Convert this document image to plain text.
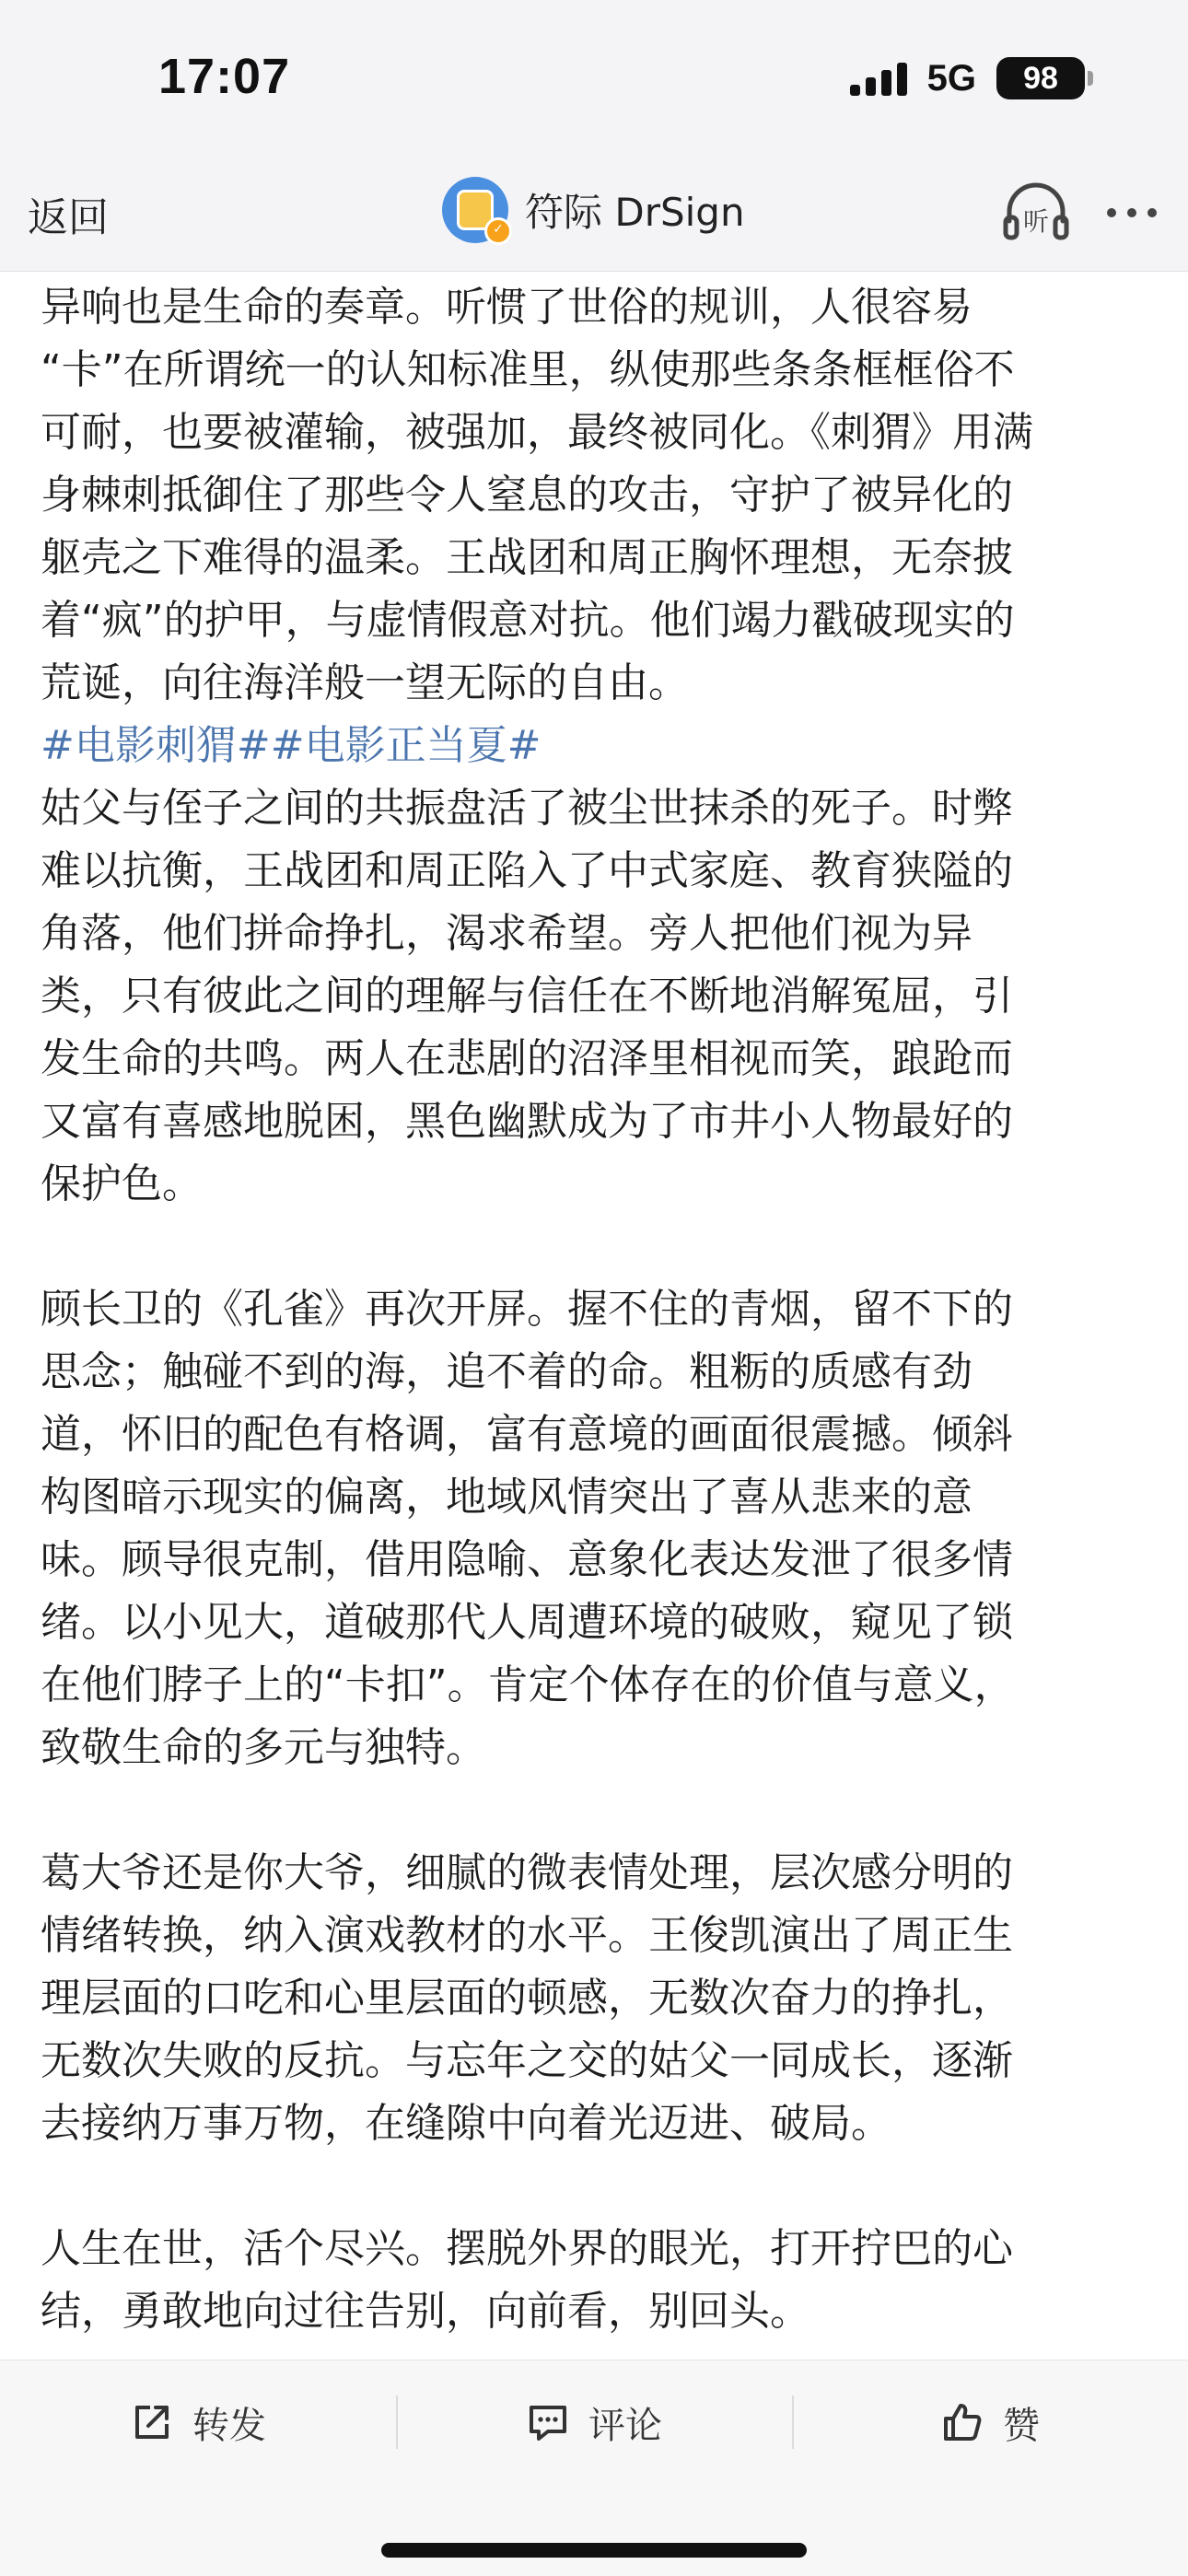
17:07	5G 98
返回	✓ 符际 DrSign	听
异响也是生命的奏章。听惯了世俗的规训，人很容易
“卡”在所谓统一的认知标准里，纵使那些条条框框俗不
可耐，也要被灌输，被强加，最终被同化。《刺猬》用满
身棘刺抵御住了那些令人窒息的攻击，守护了被异化的
躯壳之下难得的温柔。王战团和周正胸怀理想，无奈披
着“疯”的护甲，与虚情假意对抗。他们竭力戳破现实的
荒诞，向往海洋般一望无际的自由。
#电影刺猬##电影正当夏#
姑父与侄子之间的共振盘活了被尘世抹杀的死子。时弊
难以抗衡，王战团和周正陷入了中式家庭、教育狭隘的
角落，他们拼命挣扎，渴求希望。旁人把他们视为异
类，只有彼此之间的理解与信任在不断地消解冤屈，引
发生命的共鸣。两人在悲剧的沼泽里相视而笑，踉跄而
又富有喜感地脱困，黑色幽默成为了市井小人物最好的
保护色。
顾长卫的《孔雀》再次开屏。握不住的青烟，留不下的
思念；触碰不到的海，追不着的命。粗粝的质感有劲
道，怀旧的配色有格调，富有意境的画面很震撼。倾斜
构图暗示现实的偏离，地域风情突出了喜从悲来的意
味。顾导很克制，借用隐喻、意象化表达发泄了很多情
绪。以小见大，道破那代人周遭环境的破败，窥见了锁
在他们脖子上的“卡扣”。肯定个体存在的价值与意义，
致敬生命的多元与独特。
葛大爷还是你大爷，细腻的微表情处理，层次感分明的
情绪转换，纳入演戏教材的水平。王俊凯演出了周正生
理层面的口吃和心里层面的顿感，无数次奋力的挣扎，
无数次失败的反抗。与忘年之交的姑父一同成长，逐渐
去接纳万事万物，在缝隙中向着光迈进、破局。
人生在世，活个尽兴。摆脱外界的眼光，打开拧巴的心
结，勇敢地向过往告别，向前看，别回头。
转发	评论	赞
